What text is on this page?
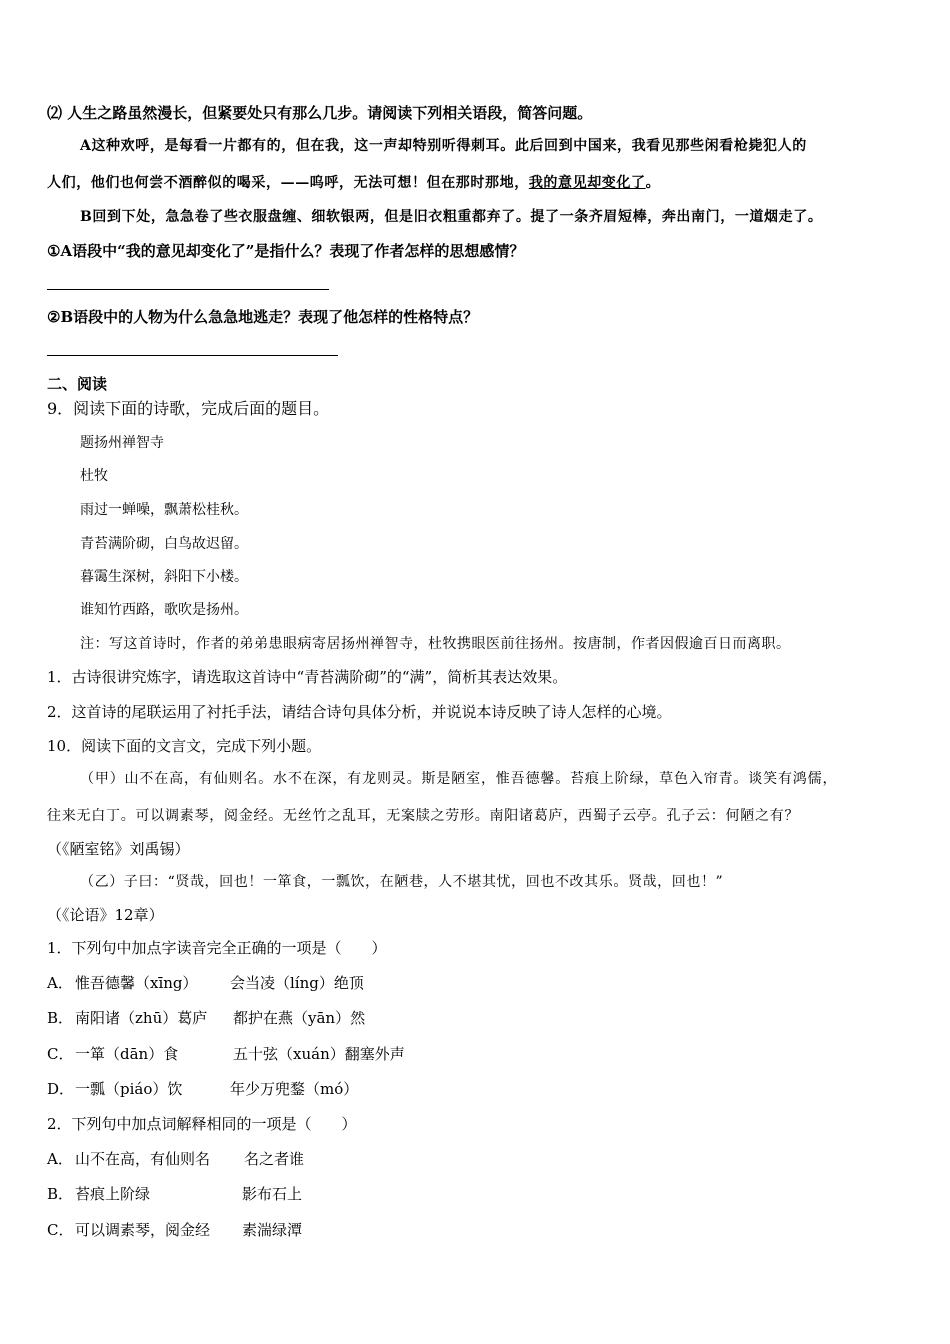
⑵ 人生之路虽然漫长，但紧要处只有那么几步。请阅读下列相关语段，简答问题。
A这种欢呼，是每看一片都有的，但在我，这一声却特别听得刺耳。此后回到中国来，我看见那些闲看枪毙犯人的
人们，他们也何尝不酒醉似的喝采，——呜呼，无法可想！但在那时那地，我的意见却变化了。
B回到下处，急急卷了些衣服盘缠、细软银两，但是旧衣粗重都弃了。提了一条齐眉短棒，奔出南门，一道烟走了。
①A语段中“我的意见却变化了”是指什么？表现了作者怎样的思想感情？
②B语段中的人物为什么急急地逃走？表现了他怎样的性格特点？
二、阅读
9．阅读下面的诗歌，完成后面的题目。
题扬州禅智寺
杜牧
雨过一蝉噪，飘萧松桂秋。
青苔满阶砌，白鸟故迟留。
暮霭生深树，斜阳下小楼。
谁知竹西路，歌吹是扬州。
注：写这首诗时，作者的弟弟患眼病寄居扬州禅智寺，杜牧携眼医前往扬州。按唐制，作者因假逾百日而离职。
1．古诗很讲究炼字，请选取这首诗中“青苔满阶砌”的“满”，简析其表达效果。
2．这首诗的尾联运用了衬托手法，请结合诗句具体分析，并说说本诗反映了诗人怎样的心境。
10．阅读下面的文言文，完成下列小题。
（甲）山不在高，有仙则名。水不在深，有龙则灵。斯是陋室，惟吾德馨。苔痕上阶绿，草色入帘青。谈笑有鸿儒，
往来无白丁。可以调素琴，阅金经。无丝竹之乱耳，无案牍之劳形。南阳诸葛庐，西蜀子云亭。孔子云：何陋之有？
（《陋室铭》刘禹锡）
（乙）子曰：“贤哉，回也！一箪食，一瓢饮，在陋巷，人不堪其忧，回也不改其乐。贤哉，回也！”
（《论语》12章）
1．下列句中加点字读音完全正确的一项是（　　）
A． 惟吾德馨（xīng） 会当凌（líng）绝顶
B． 南阳诸（zhū）葛庐 都护在燕（yān）然
C． 一箪（dān）食	五十弦（xuán）翻塞外声
D．一瓢（piáo）饮	年少万兜鍪（mó）
2．下列句中加点词解释相同的一项是（　　）
A． 山不在高，有仙则名 名之者谁
B． 苔痕上阶绿	影布石上
C． 可以调素琴，阅金经 素湍绿潭
